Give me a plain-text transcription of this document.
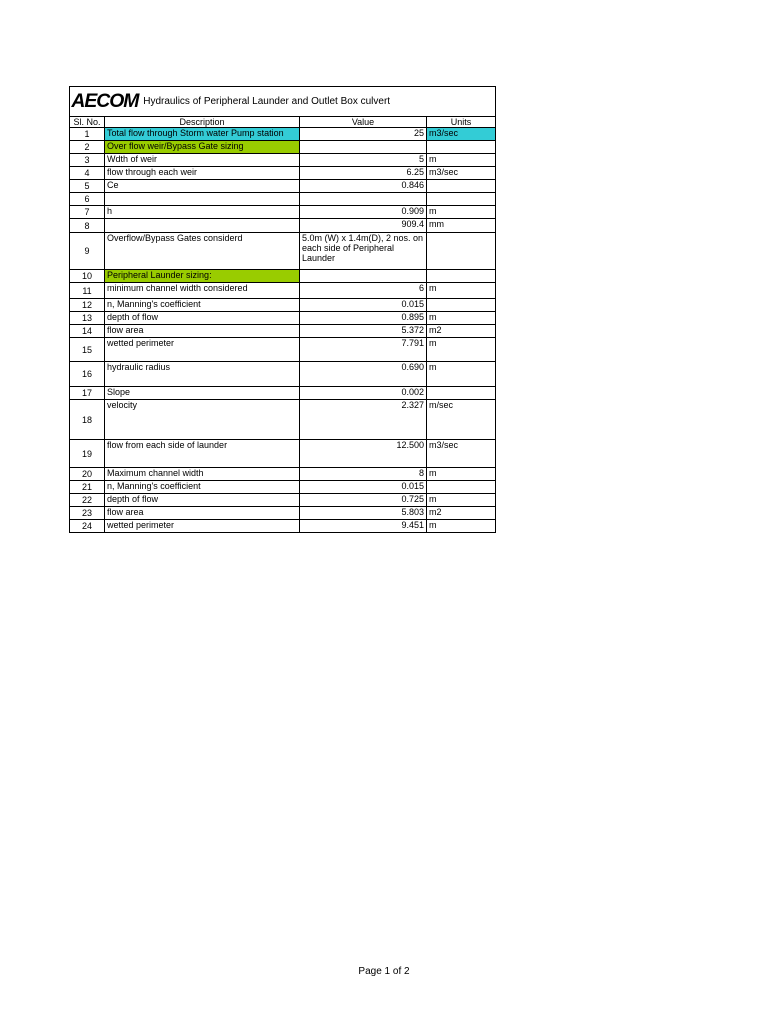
AECOM Hydraulics of Peripheral Launder and Outlet Box culvert			
Sl. No.	Description	Value	Units
1	Total flow through Storm water Pump station	25	m3/sec
2	Over flow weir/Bypass Gate sizing		
3	Wdth of weir	5	m
4	flow through each weir	6.25	m3/sec
5	Ce	0.846	
6			
7	h	0.909	m
8		909.4	mm
9	Overflow/Bypass Gates considerd	5.0m (W) x 1.4m(D), 2 nos. on each side of Peripheral Launder	
10	Peripheral Launder sizing:		
11	minimum channel width considered	6	m
12	n, Manning's coefficient	0.015	
13	depth of flow	0.895	m
14	flow area	5.372	m2
15	wetted perimeter	7.791	m
16	hydraulic radius	0.690	m
17	Slope	0.002	
18	velocity	2.327	m/sec
19	flow from each side of launder	12.500	m3/sec
20	Maximum channel width	8	m
21	n, Manning's coefficient	0.015	
22	depth of flow	0.725	m
23	flow area	5.803	m2
24	wetted perimeter	9.451	m
Page 1 of 2
